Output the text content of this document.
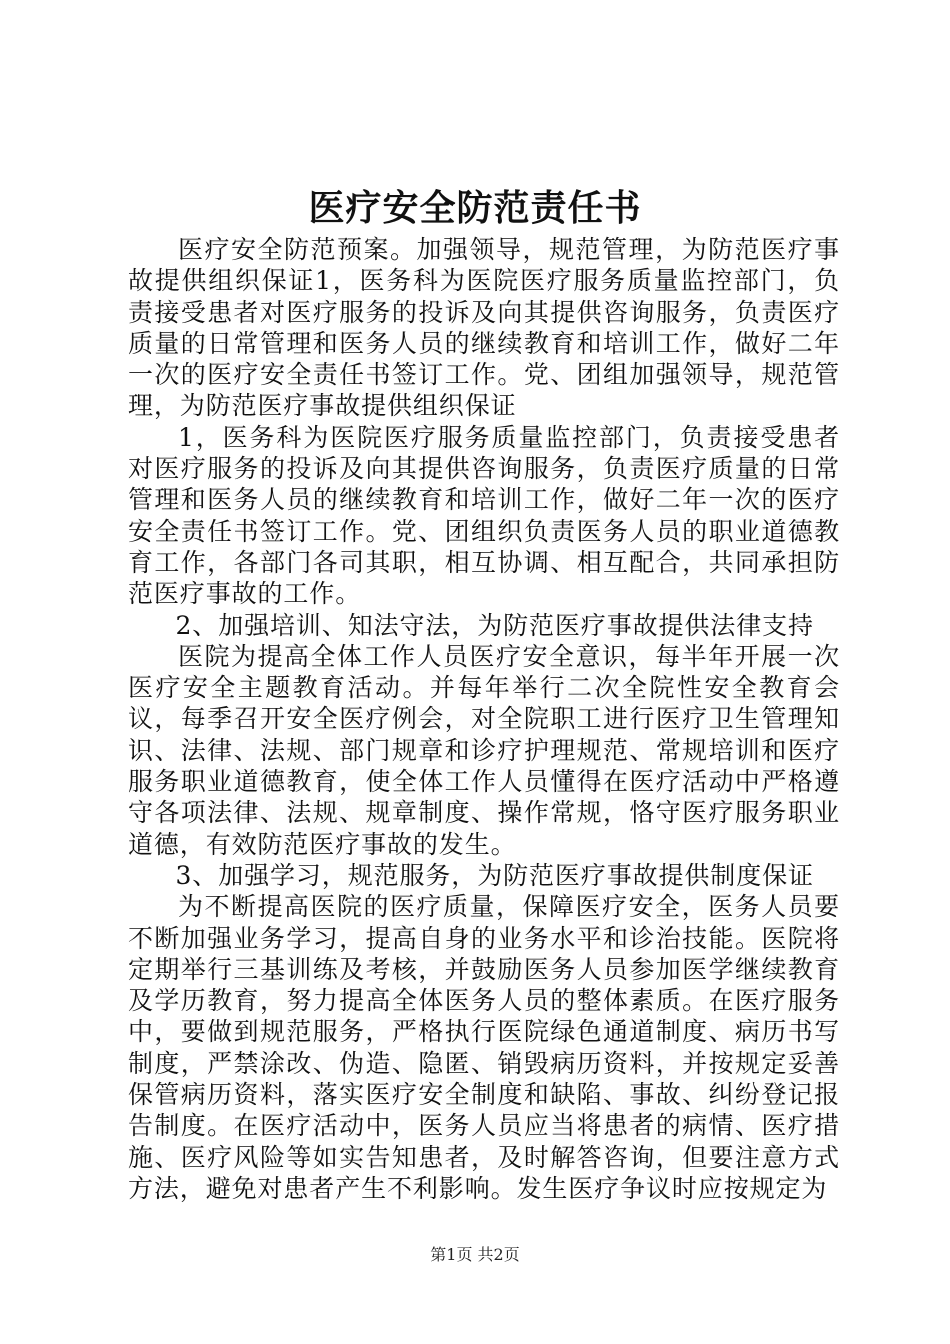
医疗安全防范责任书

医疗安全防范预案。加强领导，规范管理，为防范医疗事故提供组织保证1，医务科为医院医疗服务质量监控部门，负责接受患者对医疗服务的投诉及向其提供咨询服务，负责医疗质量的日常管理和医务人员的继续教育和培训工作，做好二年一次的医疗安全责任书签订工作。党、团组加强领导，规范管理，为防范医疗事故提供组织保证

1，医务科为医院医疗服务质量监控部门，负责接受患者对医疗服务的投诉及向其提供咨询服务，负责医疗质量的日常管理和医务人员的继续教育和培训工作，做好二年一次的医疗安全责任书签订工作。党、团组织负责医务人员的职业道德教育工作，各部门各司其职，相互协调、相互配合，共同承担防范医疗事故的工作。

2、加强培训、知法守法，为防范医疗事故提供法律支持

医院为提高全体工作人员医疗安全意识，每半年开展一次医疗安全主题教育活动。并每年举行二次全院性安全教育会议，每季召开安全医疗例会，对全院职工进行医疗卫生管理知识、法律、法规、部门规章和诊疗护理规范、常规培训和医疗服务职业道德教育，使全体工作人员懂得在医疗活动中严格遵守各项法律、法规、规章制度、操作常规，恪守医疗服务职业道德，有效防范医疗事故的发生。

3、加强学习，规范服务，为防范医疗事故提供制度保证

为不断提高医院的医疗质量，保障医疗安全，医务人员要不断加强业务学习，提高自身的业务水平和诊治技能。医院将定期举行三基训练及考核，并鼓励医务人员参加医学继续教育及学历教育，努力提高全体医务人员的整体素质。在医疗服务中，要做到规范服务，严格执行医院绿色通道制度、病历书写制度，严禁涂改、伪造、隐匿、销毁病历资料，并按规定妥善保管病历资料，落实医疗安全制度和缺陷、事故、纠纷登记报告制度。在医疗活动中，医务人员应当将患者的病情、医疗措施、医疗风险等如实告知患者，及时解答咨询，但要注意方式方法，避免对患者产生不利影响。发生医疗争议时应按规定为

第1页 共2页
